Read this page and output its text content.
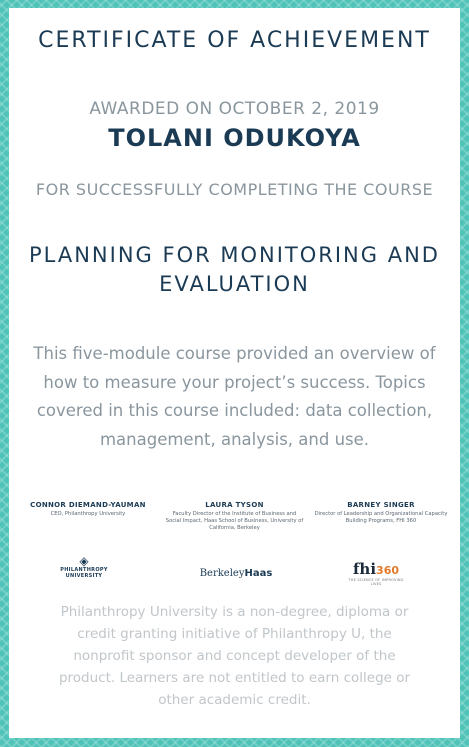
CERTIFICATE OF ACHIEVEMENT
AWARDED ON OCTOBER 2, 2019
TOLANI ODUKOYA
FOR SUCCESSFULLY COMPLETING THE COURSE
PLANNING FOR MONITORING AND EVALUATION
This five-module course provided an overview of how to measure your project’s success. Topics covered in this course included: data collection, management, analysis, and use.
CONNOR DIEMAND-YAUMAN
CEO, Philanthropy University
LAURA TYSON
Faculty Director of the Institute of Business and Social Impact, Haas School of Business, University of California, Berkeley
BARNEY SINGER
Director of Leadership and Organizational Capacity Building Programs, FHI 360
◈
PHILANTHROPY UNIVERSITY	BerkeleyHaas	fhi360
THE SCIENCE OF IMPROVING LIVES
Philanthropy University is a non-degree, diploma or credit granting initiative of Philanthropy U, the nonprofit sponsor and concept developer of the product. Learners are not entitled to earn college or other academic credit.
